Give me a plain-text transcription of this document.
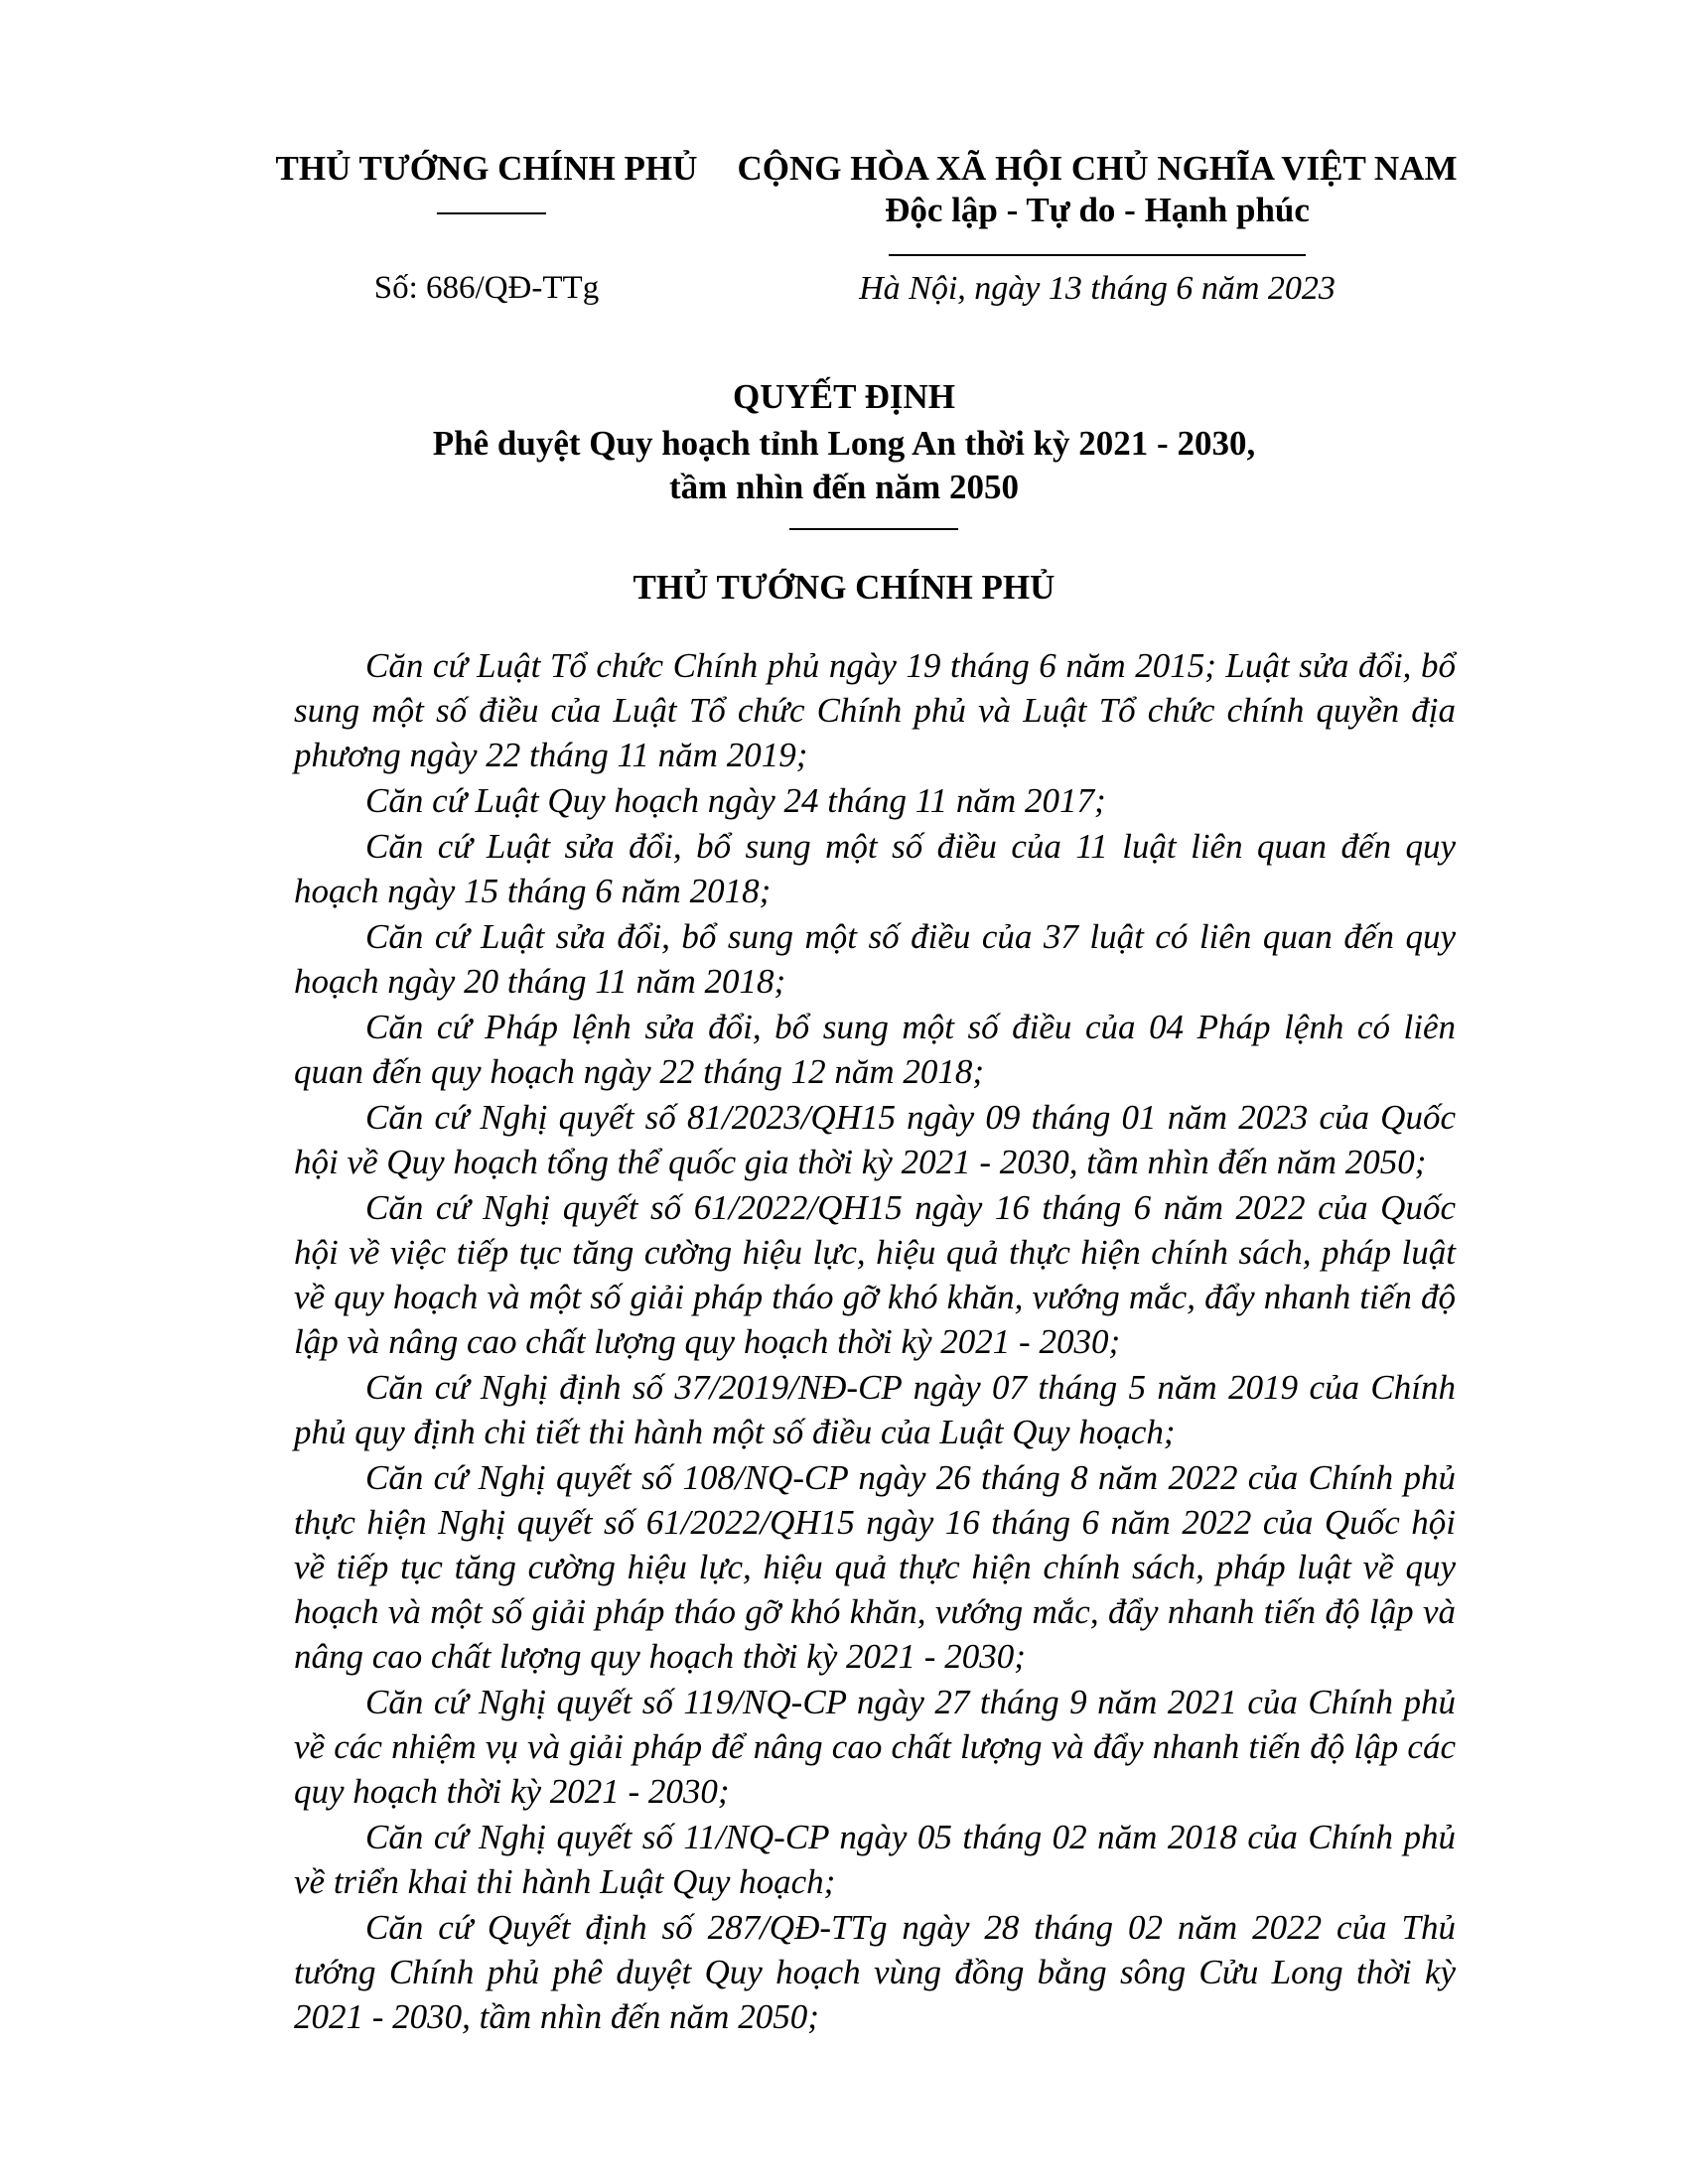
THỦ TƯỚNG CHÍNH PHỦ	CỘNG HÒA XÃ HỘI CHỦ NGHĨA VIỆT NAM
Độc lập - Tự do - Hạnh phúc
Số: 686/QĐ-TTg	Hà Nội, ngày 13 tháng 6 năm 2023
QUYẾT ĐỊNH
Phê duyệt Quy hoạch tỉnh Long An thời kỳ 2021 - 2030,
tầm nhìn đến năm 2050
THỦ TƯỚNG CHÍNH PHỦ

Căn cứ Luật Tổ chức Chính phủ ngày 19 tháng 6 năm 2015; Luật sửa đổi, bổ sung một số điều của Luật Tổ chức Chính phủ và Luật Tổ chức chính quyền địa phương ngày 22 tháng 11 năm 2019;

Căn cứ Luật Quy hoạch ngày 24 tháng 11 năm 2017;

Căn cứ Luật sửa đổi, bổ sung một số điều của 11 luật liên quan đến quy hoạch ngày 15 tháng 6 năm 2018;

Căn cứ Luật sửa đổi, bổ sung một số điều của 37 luật có liên quan đến quy hoạch ngày 20 tháng 11 năm 2018;

Căn cứ Pháp lệnh sửa đổi, bổ sung một số điều của 04 Pháp lệnh có liên quan đến quy hoạch ngày 22 tháng 12 năm 2018;

Căn cứ Nghị quyết số 81/2023/QH15 ngày 09 tháng 01 năm 2023 của Quốc hội về Quy hoạch tổng thể quốc gia thời kỳ 2021 - 2030, tầm nhìn đến năm 2050;

Căn cứ Nghị quyết số 61/2022/QH15 ngày 16 tháng 6 năm 2022 của Quốc hội về việc tiếp tục tăng cường hiệu lực, hiệu quả thực hiện chính sách, pháp luật về quy hoạch và một số giải pháp tháo gỡ khó khăn, vướng mắc, đẩy nhanh tiến độ lập và nâng cao chất lượng quy hoạch thời kỳ 2021 - 2030;

Căn cứ Nghị định số 37/2019/NĐ-CP ngày 07 tháng 5 năm 2019 của Chính phủ quy định chi tiết thi hành một số điều của Luật Quy hoạch;

Căn cứ Nghị quyết số 108/NQ-CP ngày 26 tháng 8 năm 2022 của Chính phủ thực hiện Nghị quyết số 61/2022/QH15 ngày 16 tháng 6 năm 2022 của Quốc hội về tiếp tục tăng cường hiệu lực, hiệu quả thực hiện chính sách, pháp luật về quy hoạch và một số giải pháp tháo gỡ khó khăn, vướng mắc, đẩy nhanh tiến độ lập và nâng cao chất lượng quy hoạch thời kỳ 2021 - 2030;

Căn cứ Nghị quyết số 119/NQ-CP ngày 27 tháng 9 năm 2021 của Chính phủ về các nhiệm vụ và giải pháp để nâng cao chất lượng và đẩy nhanh tiến độ lập các quy hoạch thời kỳ 2021 - 2030;

Căn cứ Nghị quyết số 11/NQ-CP ngày 05 tháng 02 năm 2018 của Chính phủ về triển khai thi hành Luật Quy hoạch;

Căn cứ Quyết định số 287/QĐ-TTg ngày 28 tháng 02 năm 2022 của Thủ tướng Chính phủ phê duyệt Quy hoạch vùng đồng bằng sông Cửu Long thời kỳ 2021 - 2030, tầm nhìn đến năm 2050;
